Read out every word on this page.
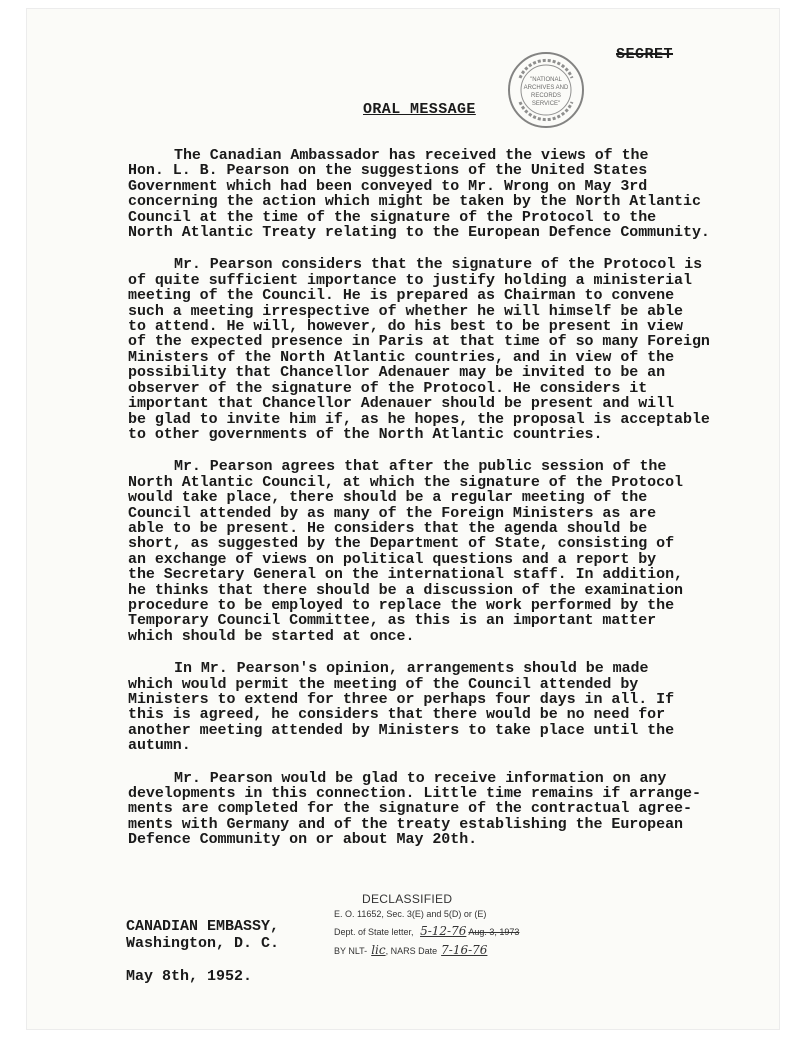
"NATIONAL
ARCHIVES AND
RECORDS
SERVICE"
SECRET
ORAL MESSAGE

The Canadian Ambassador has received the views of the
Hon. L. B. Pearson on the suggestions of the United States
Government which had been conveyed to Mr. Wrong on May 3rd
concerning the action which might be taken by the North Atlantic
Council at the time of the signature of the Protocol to the
North Atlantic Treaty relating to the European Defence Community.

Mr. Pearson considers that the signature of the Protocol is
of quite sufficient importance to justify holding a ministerial
meeting of the Council. He is prepared as Chairman to convene
such a meeting irrespective of whether he will himself be able
to attend. He will, however, do his best to be present in view
of the expected presence in Paris at that time of so many Foreign
Ministers of the North Atlantic countries, and in view of the
possibility that Chancellor Adenauer may be invited to be an
observer of the signature of the Protocol. He considers it
important that Chancellor Adenauer should be present and will
be glad to invite him if, as he hopes, the proposal is acceptable
to other governments of the North Atlantic countries.

Mr. Pearson agrees that after the public session of the
North Atlantic Council, at which the signature of the Protocol
would take place, there should be a regular meeting of the
Council attended by as many of the Foreign Ministers as are
able to be present. He considers that the agenda should be
short, as suggested by the Department of State, consisting of
an exchange of views on political questions and a report by
the Secretary General on the international staff. In addition,
he thinks that there should be a discussion of the examination
procedure to be employed to replace the work performed by the
Temporary Council Committee, as this is an important matter
which should be started at once.

In Mr. Pearson's opinion, arrangements should be made
which would permit the meeting of the Council attended by
Ministers to extend for three or perhaps four days in all. If
this is agreed, he considers that there would be no need for
another meeting attended by Ministers to take place until the
autumn.

Mr. Pearson would be glad to receive information on any
developments in this connection. Little time remains if arrange-
ments are completed for the signature of the contractual agree-
ments with Germany and of the treaty establishing the European
Defence Community on or about May 20th.

DECLASSIFIED
E. O. 11652, Sec. 3(E) and 5(D) or (E)
Dept. of State letter, 5-12-76 Aug. 3, 1973
BY NLT- lic, NARS Date 7-16-76
CANADIAN EMBASSY,
Washington, D. C.
May 8th, 1952.
